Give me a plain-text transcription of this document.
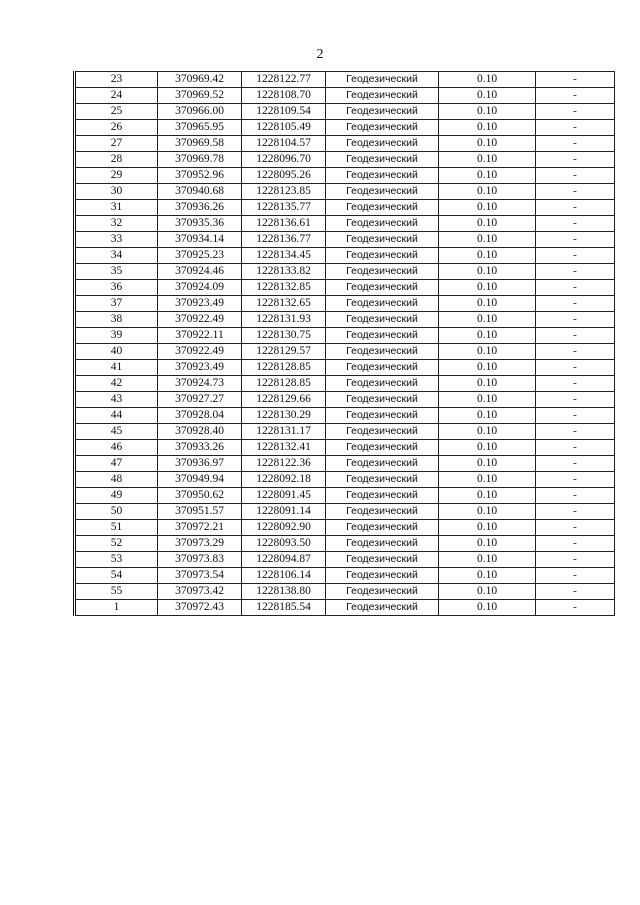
2
23	370969.42	1228122.77	Геодезический	0.10	-
24	370969.52	1228108.70	Геодезический	0.10	-
25	370966.00	1228109.54	Геодезический	0.10	-
26	370965.95	1228105.49	Геодезический	0.10	-
27	370969.58	1228104.57	Геодезический	0.10	-
28	370969.78	1228096.70	Геодезический	0.10	-
29	370952.96	1228095.26	Геодезический	0.10	-
30	370940.68	1228123.85	Геодезический	0.10	-
31	370936.26	1228135.77	Геодезический	0.10	-
32	370935.36	1228136.61	Геодезический	0.10	-
33	370934.14	1228136.77	Геодезический	0.10	-
34	370925.23	1228134.45	Геодезический	0.10	-
35	370924.46	1228133.82	Геодезический	0.10	-
36	370924.09	1228132.85	Геодезический	0.10	-
37	370923.49	1228132.65	Геодезический	0.10	-
38	370922.49	1228131.93	Геодезический	0.10	-
39	370922.11	1228130.75	Геодезический	0.10	-
40	370922.49	1228129.57	Геодезический	0.10	-
41	370923.49	1228128.85	Геодезический	0.10	-
42	370924.73	1228128.85	Геодезический	0.10	-
43	370927.27	1228129.66	Геодезический	0.10	-
44	370928.04	1228130.29	Геодезический	0.10	-
45	370928.40	1228131.17	Геодезический	0.10	-
46	370933.26	1228132.41	Геодезический	0.10	-
47	370936.97	1228122.36	Геодезический	0.10	-
48	370949.94	1228092.18	Геодезический	0.10	-
49	370950.62	1228091.45	Геодезический	0.10	-
50	370951.57	1228091.14	Геодезический	0.10	-
51	370972.21	1228092.90	Геодезический	0.10	-
52	370973.29	1228093.50	Геодезический	0.10	-
53	370973.83	1228094.87	Геодезический	0.10	-
54	370973.54	1228106.14	Геодезический	0.10	-
55	370973.42	1228138.80	Геодезический	0.10	-
1	370972.43	1228185.54	Геодезический	0.10	-
